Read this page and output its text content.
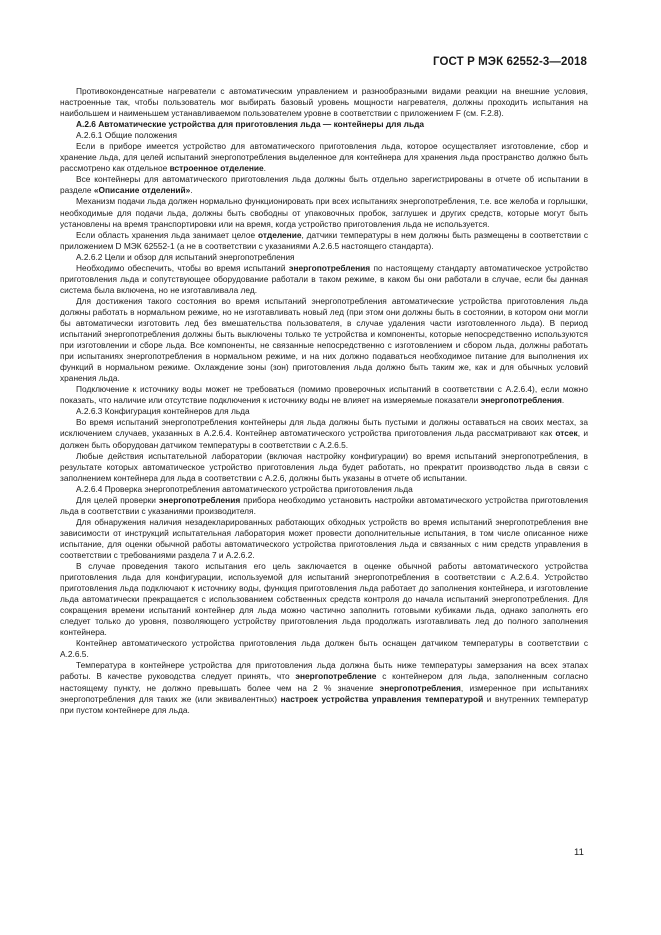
ГОСТ Р МЭК 62552-3—2018

Противоконденсатные нагреватели с автоматическим управлением и разнообразными видами реакции на внешние условия, настроенные так, чтобы пользователь мог выбирать базовый уровень мощности нагревателя, должны проходить испытания на наибольшем и наименьшем устанавливаемом пользователем уровне в соответствии с приложением F (см. F.2.8).

А.2.6 Автоматические устройства для приготовления льда — контейнеры для льда

А.2.6.1 Общие положения

Если в приборе имеется устройство для автоматического приготовления льда, которое осуществляет изготовление, сбор и хранение льда, для целей испытаний энергопотребления выделенное для контейнера для хранения льда пространство должно быть рассмотрено как отдельное встроенное отделение.

Все контейнеры для автоматического приготовления льда должны быть отдельно зарегистрированы в отчете об испытании в разделе «Описание отделений».

Механизм подачи льда должен нормально функционировать при всех испытаниях энергопотребления, т.е. все желоба и горлышки, необходимые для подачи льда, должны быть свободны от упаковочных пробок, заглушек и других средств, которые могут быть установлены на время транспортировки или на время, когда устройство приготовления льда не используется.

Если область хранения льда занимает целое отделение, датчики температуры в нем должны быть размещены в соответствии с приложением D МЭК 62552-1 (а не в соответствии с указаниями А.2.6.5 настоящего стандарта).

А.2.6.2 Цели и обзор для испытаний энергопотребления

Необходимо обеспечить, чтобы во время испытаний энергопотребления по настоящему стандарту автоматическое устройство приготовления льда и сопутствующее оборудование работали в таком режиме, в каком бы они работали в случае, если бы данная система была включена, но не изготавливала лед.

Для достижения такого состояния во время испытаний энергопотребления автоматические устройства приготовления льда должны работать в нормальном режиме, но не изготавливать новый лед (при этом они должны быть в состоянии, в котором они могли бы автоматически изготовить лед без вмешательства пользователя, в случае удаления части изготовленного льда). В период испытаний энергопотребления должны быть выключены только те устройства и компоненты, которые непосредственно используются при изготовлении и сборе льда. Все компоненты, не связанные непосредственно с изготовлением и сбором льда, должны работать при испытаниях энергопотребления в нормальном режиме, и на них должно подаваться необходимое питание для выполнения их функций в нормальном режиме. Охлаждение зоны (зон) приготовления льда должно быть таким же, как и для обычных условий хранения льда.

Подключение к источнику воды может не требоваться (помимо проверочных испытаний в соответствии с А.2.6.4), если можно показать, что наличие или отсутствие подключения к источнику воды не влияет на измеряемые показатели энергопотребления.

А.2.6.3 Конфигурация контейнеров для льда

Во время испытаний энергопотребления контейнеры для льда должны быть пустыми и должны оставаться на своих местах, за исключением случаев, указанных в А.2.6.4. Контейнер автоматического устройства приготовления льда рассматривают как отсек, и должен быть оборудован датчиком температуры в соответствии с А.2.6.5.

Любые действия испытательной лаборатории (включая настройку конфигурации) во время испытаний энергопотребления, в результате которых автоматическое устройство приготовления льда будет работать, но прекратит производство льда в связи с заполнением контейнера для льда в соответствии с А.2.6, должны быть указаны в отчете об испытании.

А.2.6.4 Проверка энергопотребления автоматического устройства приготовления льда

Для целей проверки энергопотребления прибора необходимо установить настройки автоматического устройства приготовления льда в соответствии с указаниями производителя.

Для обнаружения наличия незадекларированных работающих обходных устройств во время испытаний энергопотребления вне зависимости от инструкций испытательная лаборатория может провести дополнительные испытания, в том числе описанное ниже испытание, для оценки обычной работы автоматического устройства приготовления льда и связанных с ним средств управления в соответствии с требованиями раздела 7 и А.2.6.2.

В случае проведения такого испытания его цель заключается в оценке обычной работы автоматического устройства приготовления льда для конфигурации, используемой для испытаний энергопотребления в соответствии с А.2.6.4. Устройство приготовления льда подключают к источнику воды, функция приготовления льда работает до заполнения контейнера, и изготовление льда автоматически прекращается с использованием собственных средств контроля до начала испытаний энергопотребления. Для сокращения времени испытаний контейнер для льда можно частично заполнить готовыми кубиками льда, однако заполнять его следует только до уровня, позволяющего устройству приготовления льда продолжать изготавливать лед до полного заполнения контейнера.

Контейнер автоматического устройства приготовления льда должен быть оснащен датчиком температуры в соответствии с А.2.6.5.

Температура в контейнере устройства для приготовления льда должна быть ниже температуры замерзания на всех этапах работы. В качестве руководства следует принять, что энергопотребление с контейнером для льда, заполненным согласно настоящему пункту, не должно превышать более чем на 2 % значение энергопотребления, измеренное при испытаниях энергопотребления для таких же (или эквивалентных) настроек устройства управления температурой и внутренних температур при пустом контейнере для льда.

11
